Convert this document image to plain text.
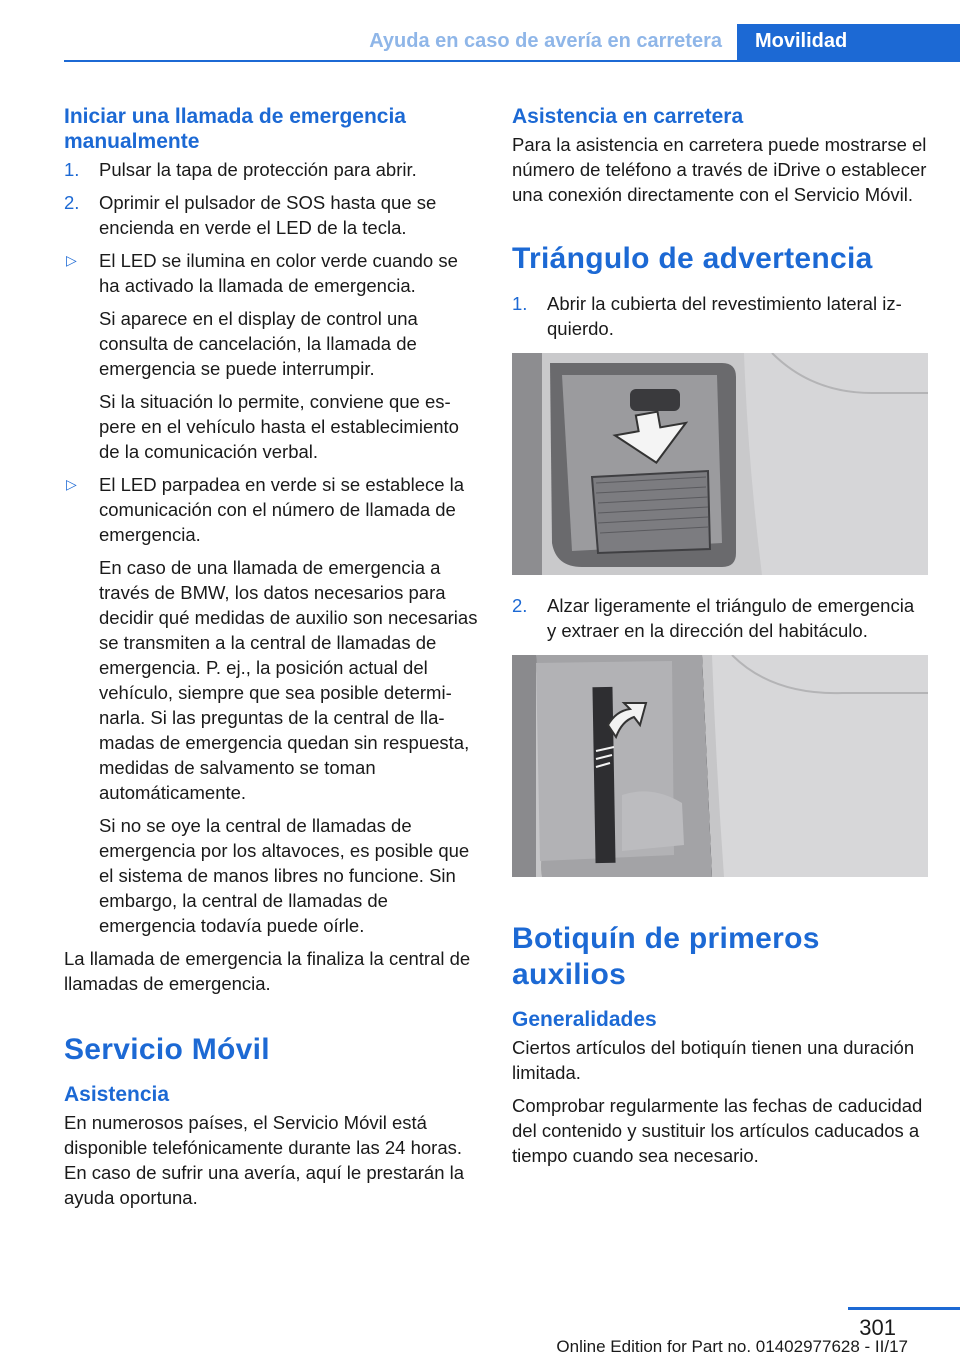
Ayuda en caso de avería en carretera	Movilidad
Iniciar una llamada de emergencia manualmente
1. Pulsar la tapa de protección para abrir.
2. Oprimir el pulsador de SOS hasta que se encienda en verde el LED de la tecla.
▷ El LED se ilumina en color verde cuando se ha activado la llamada de emergencia.

Si aparece en el display de control una consulta de cancelación, la llamada de emergencia se puede interrumpir.

Si la situación lo permite, conviene que espere en el vehículo hasta el establecimiento de la comunicación verbal.

▷ El LED parpadea en verde si se establece la comunicación con el número de llamada de emergencia.

En caso de una llamada de emergencia a través de BMW, los datos necesarios para decidir qué medidas de auxilio son necesarias se transmiten a la central de llamadas de emergencia. P. ej., la posición actual del vehículo, siempre que sea posible determinarla. Si las preguntas de la central de llamadas de emergencia quedan sin respuesta, medidas de salvamento se toman automáticamente.

Si no se oye la central de llamadas de emergencia por los altavoces, es posible que el sistema de manos libres no funcione. Sin embargo, la central de llamadas de emergencia todavía puede oírle.

La llamada de emergencia la finaliza la central de llamadas de emergencia.

Servicio Móvil
Asistencia

En numerosos países, el Servicio Móvil está disponible telefónicamente durante las 24 horas. En caso de sufrir una avería, aquí le prestarán la ayuda oportuna.

Asistencia en carretera

Para la asistencia en carretera puede mostrarse el número de teléfono a través de iDrive o establecer una conexión directamente con el Servicio Móvil.

Triángulo de advertencia
1. Abrir la cubierta del revestimiento lateral izquierdo.
2. Alzar ligeramente el triángulo de emergencia y extraer en la dirección del habitáculo.
Botiquín de primeros auxilios
Generalidades

Ciertos artículos del botiquín tienen una duración limitada.

Comprobar regularmente las fechas de caducidad del contenido y sustituir los artículos caducados a tiempo cuando sea necesario.

301
Online Edition for Part no. 01402977628 - II/17
